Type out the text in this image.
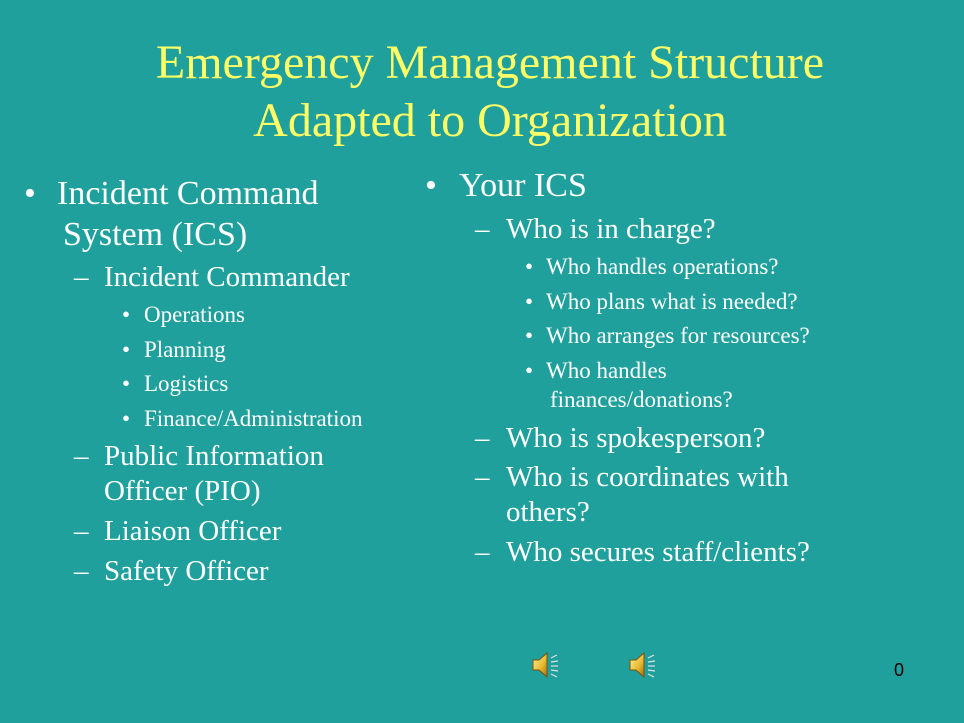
Emergency Management Structure
Adapted to Organization
• Incident Command
System (ICS)
– Incident Commander
• Operations
• Planning
• Logistics
• Finance/Administration
– Public Information
Officer (PIO)
– Liaison Officer
– Safety Officer
• Your ICS
– Who is in charge?
• Who handles operations?
• Who plans what is needed?
• Who arranges for resources?
• Who handles
finances/donations?
– Who is spokesperson?
– Who is coordinates with
others?
– Who secures staff/clients?
0
